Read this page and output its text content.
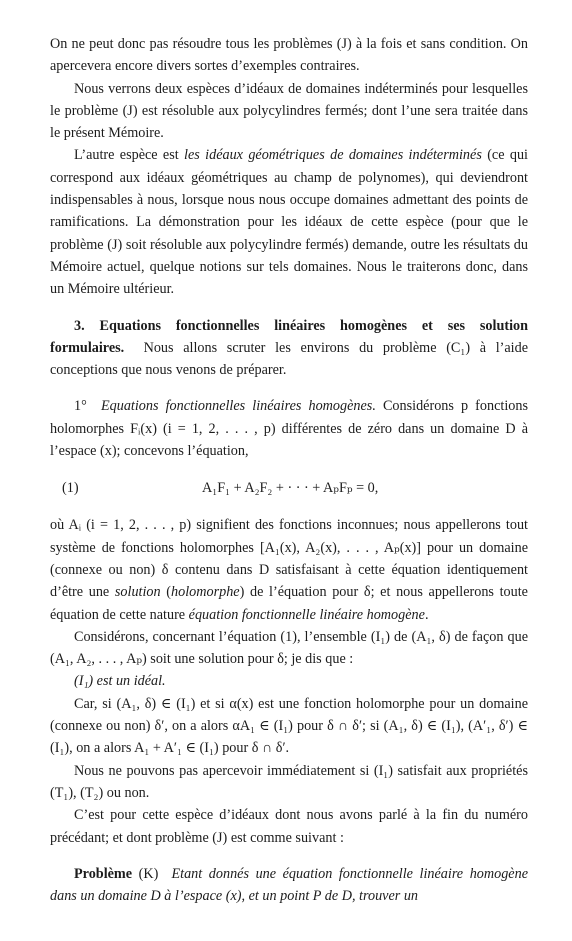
On ne peut donc pas résoudre tous les problèmes (J) à la fois et sans condition. On apercevera encore divers sortes d’exemples contraires.

Nous verrons deux espèces d’idéaux de domaines indéterminés pour lesquelles le problème (J) est résoluble aux polycylindres fermés; dont l’une sera traitée dans le présent Mémoire.

L’autre espèce est les idéaux géométriques de domaines indéterminés (ce qui correspond aux idéaux géométriques au champ de polynomes), qui deviendront indispensables à nous, lorsque nous nous occupe domaines admettant des points de ramifications. La démonstration pour les idéaux de cette espèce (pour que le problème (J) soit résoluble aux polycylindre fermés) demande, outre les résultats du Mémoire actuel, quelque notions sur tels domaines. Nous le traiterons donc, dans un Mémoire ultérieur.

3. Equations fonctionnelles linéaires homogènes et ses solution formulaires. Nous allons scruter les environs du problème (C₁) à l’aide conceptions que nous venons de préparer.

1° Equations fonctionnelles linéaires homogènes. Considérons p fonctions holomorphes Fᵢ(x) (i = 1, 2, . . . , p) différentes de zéro dans un domaine D à l’espace (x); concevons l’équation,

(1)	A₁F₁ + A₂F₂ + · · · + AₚFₚ = 0,

où Aᵢ (i = 1, 2, . . . , p) signifient des fonctions inconnues; nous appellerons tout système de fonctions holomorphes [A₁(x), A₂(x), . . . , Aₚ(x)] pour un domaine (connexe ou non) δ contenu dans D satisfaisant à cette équation identiquement d’être une solution (holomorphe) de l’équation pour δ; et nous appellerons toute équation de cette nature équation fonctionnelle linéaire homogène.

Considérons, concernant l’équation (1), l’ensemble (I₁) de (A₁, δ) de façon que (A₁, A₂, . . . , Aₚ) soit une solution pour δ; je dis que :

(I₁) est un idéal.

Car, si (A₁, δ) ∈ (I₁) et si α(x) est une fonction holomorphe pour un domaine (connexe ou non) δ′, on a alors αA₁ ∈ (I₁) pour δ ∩ δ′; si (A₁, δ) ∈ (I₁), (A′₁, δ′) ∈ (I₁), on a alors A₁ + A′₁ ∈ (I₁) pour δ ∩ δ′.

Nous ne pouvons pas apercevoir immédiatement si (I₁) satisfait aux propriétés (T₁), (T₂) ou non.

C’est pour cette espèce d’idéaux dont nous avons parlé à la fin du numéro précédant; et dont problème (J) est comme suivant :

Problème (K) Etant donnés une équation fonctionnelle linéaire homogène dans un domaine D à l’espace (x), et un point P de D, trouver un
